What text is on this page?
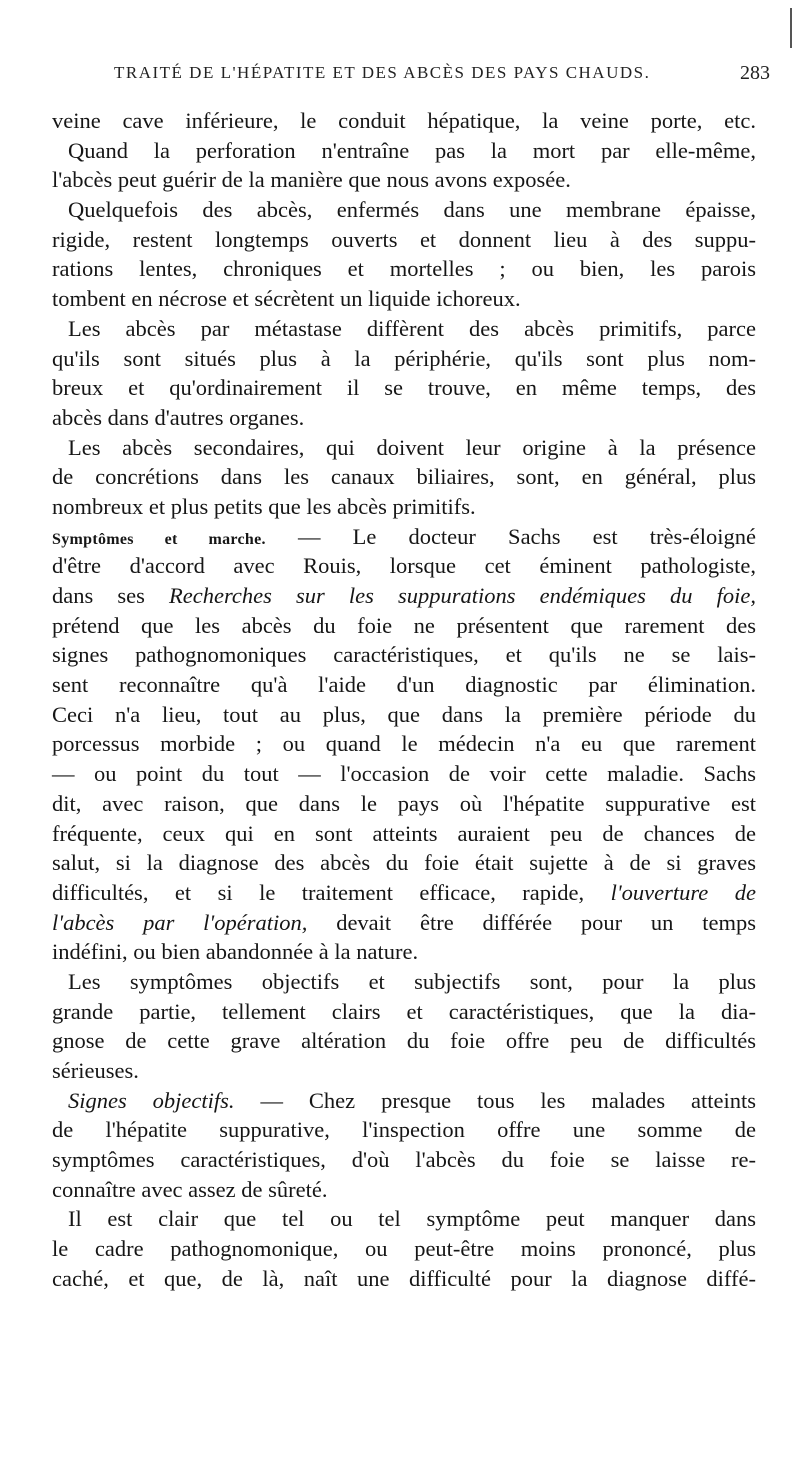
TRAITÉ DE L'HÉPATITE ET DES ABCÈS DES PAYS CHAUDS.	283
veine cave inférieure, le conduit hépatique, la veine porte, etc.
Quand la perforation n'entraîne pas la mort par elle-même,
l'abcès peut guérir de la manière que nous avons exposée.
Quelquefois des abcès, enfermés dans une membrane épaisse,
rigide, restent longtemps ouverts et donnent lieu à des suppu-
rations lentes, chroniques et mortelles ; ou bien, les parois
tombent en nécrose et sécrètent un liquide ichoreux.
Les abcès par métastase diffèrent des abcès primitifs, parce
qu'ils sont situés plus à la périphérie, qu'ils sont plus nom-
breux et qu'ordinairement il se trouve, en même temps, des
abcès dans d'autres organes.
Les abcès secondaires, qui doivent leur origine à la présence
de concrétions dans les canaux biliaires, sont, en général, plus
nombreux et plus petits que les abcès primitifs.
Symptômes et marche. — Le docteur Sachs est très-éloigné
d'être d'accord avec Rouis, lorsque cet éminent pathologiste,
dans ses Recherches sur les suppurations endémiques du foie,
prétend que les abcès du foie ne présentent que rarement des
signes pathognomoniques caractéristiques, et qu'ils ne se lais-
sent reconnaître qu'à l'aide d'un diagnostic par élimination.
Ceci n'a lieu, tout au plus, que dans la première période du
porcessus morbide ; ou quand le médecin n'a eu que rarement
— ou point du tout — l'occasion de voir cette maladie. Sachs
dit, avec raison, que dans le pays où l'hépatite suppurative est
fréquente, ceux qui en sont atteints auraient peu de chances de
salut, si la diagnose des abcès du foie était sujette à de si graves
difficultés, et si le traitement efficace, rapide, l'ouverture de
l'abcès par l'opération, devait être différée pour un temps
indéfini, ou bien abandonnée à la nature.
Les symptômes objectifs et subjectifs sont, pour la plus
grande partie, tellement clairs et caractéristiques, que la dia-
gnose de cette grave altération du foie offre peu de difficultés
sérieuses.
Signes objectifs. — Chez presque tous les malades atteints
de l'hépatite suppurative, l'inspection offre une somme de
symptômes caractéristiques, d'où l'abcès du foie se laisse re-
connaître avec assez de sûreté.
Il est clair que tel ou tel symptôme peut manquer dans
le cadre pathognomonique, ou peut-être moins prononcé, plus
caché, et que, de là, naît une difficulté pour la diagnose diffé-
